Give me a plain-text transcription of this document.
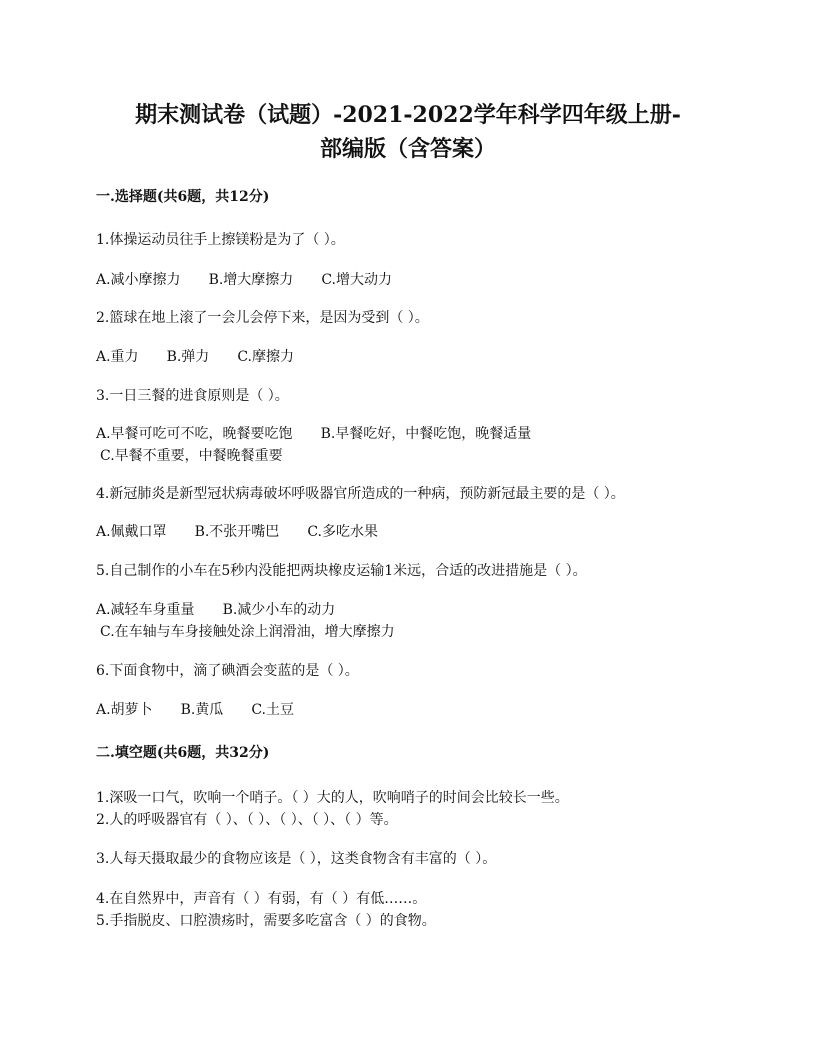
期末测试卷（试题）-2021-2022学年科学四年级上册-
部编版（含答案）
一.选择题(共6题，共12分)
1.体操运动员往手上擦镁粉是为了（ ）。
A.减小摩擦力 B.增大摩擦力 C.增大动力
2.篮球在地上滚了一会儿会停下来，是因为受到（ ）。
A.重力 B.弹力 C.摩擦力
3.一日三餐的进食原则是（ ）。
A.早餐可吃可不吃，晚餐要吃饱 B.早餐吃好，中餐吃饱，晚餐适量
C.早餐不重要，中餐晚餐重要
4.新冠肺炎是新型冠状病毒破坏呼吸器官所造成的一种病，预防新冠最主要的是（ ）。
A.佩戴口罩 B.不张开嘴巴 C.多吃水果
5.自己制作的小车在5秒内没能把两块橡皮运输1米远，合适的改进措施是（ ）。
A.减轻车身重量 B.减少小车的动力
C.在车轴与车身接触处涂上润滑油，增大摩擦力
6.下面食物中，滴了碘酒会变蓝的是（ ）。
A.胡萝卜 B.黄瓜 C.土豆
二.填空题(共6题，共32分)
1.深吸一口气，吹响一个哨子。（ ）大的人，吹响哨子的时间会比较长一些。
2.人的呼吸器官有（ ）、（ ）、（ ）、（ ）、（ ）等。
3.人每天摄取最少的食物应该是（ ），这类食物含有丰富的（ ）。
4.在自然界中，声音有（ ）有弱，有（ ）有低……。
5.手指脱皮、口腔溃疡时，需要多吃富含（ ）的食物。
